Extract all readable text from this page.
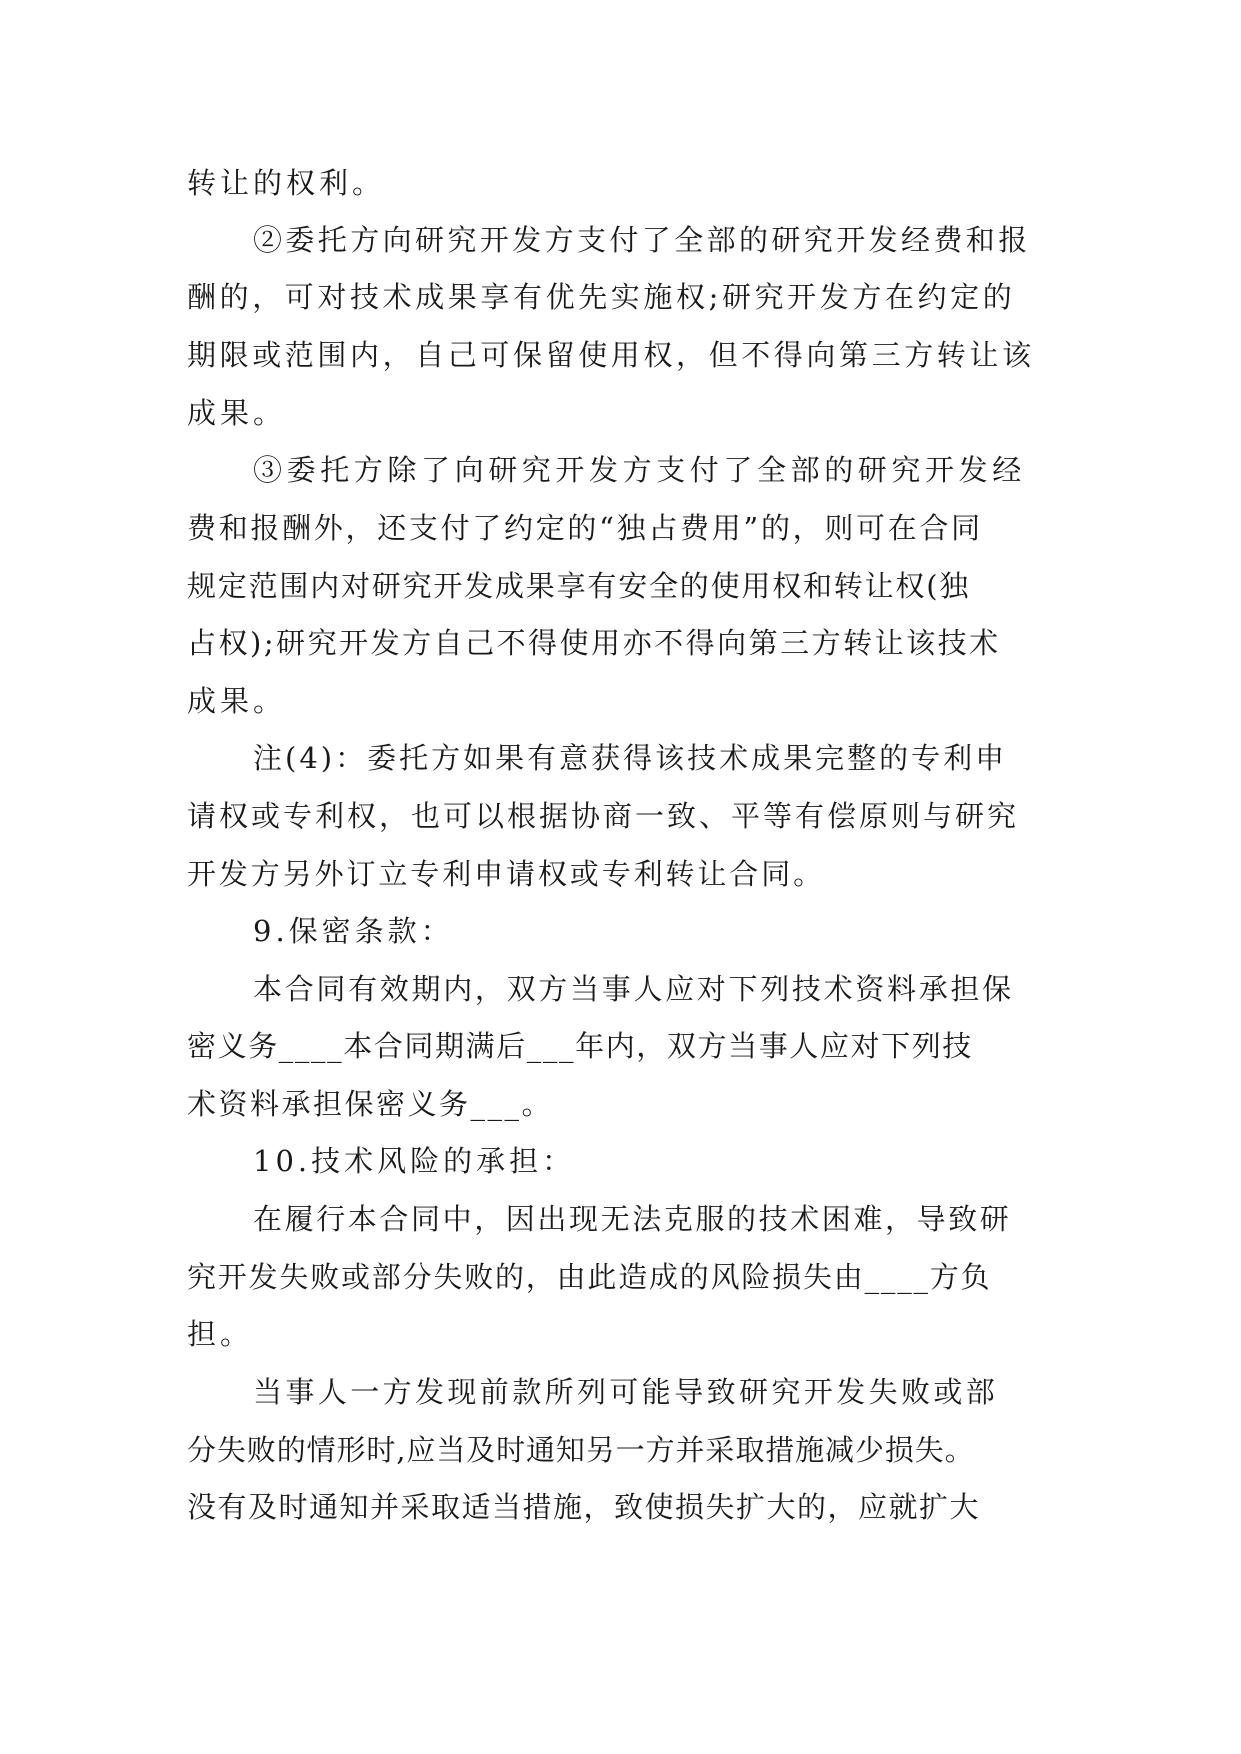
转让的权利。
②委托方向研究开发方支付了全部的研究开发经费和报
酬的，可对技术成果享有优先实施权;研究开发方在约定的
期限或范围内，自己可保留使用权，但不得向第三方转让该
成果。
③委托方除了向研究开发方支付了全部的研究开发经
费和报酬外，还支付了约定的“独占费用”的，则可在合同
规定范围内对研究开发成果享有安全的使用权和转让权(独
占权);研究开发方自己不得使用亦不得向第三方转让该技术
成果。
注(4)：委托方如果有意获得该技术成果完整的专利申
请权或专利权，也可以根据协商一致、平等有偿原则与研究
开发方另外订立专利申请权或专利转让合同。
9.保密条款：
本合同有效期内，双方当事人应对下列技术资料承担保
密义务____本合同期满后___年内，双方当事人应对下列技
术资料承担保密义务___。
10.技术风险的承担：
在履行本合同中，因出现无法克服的技术困难，导致研
究开发失败或部分失败的，由此造成的风险损失由____方负
担。
当事人一方发现前款所列可能导致研究开发失败或部
分失败的情形时,应当及时通知另一方并采取措施减少损失。
没有及时通知并采取适当措施，致使损失扩大的，应就扩大
